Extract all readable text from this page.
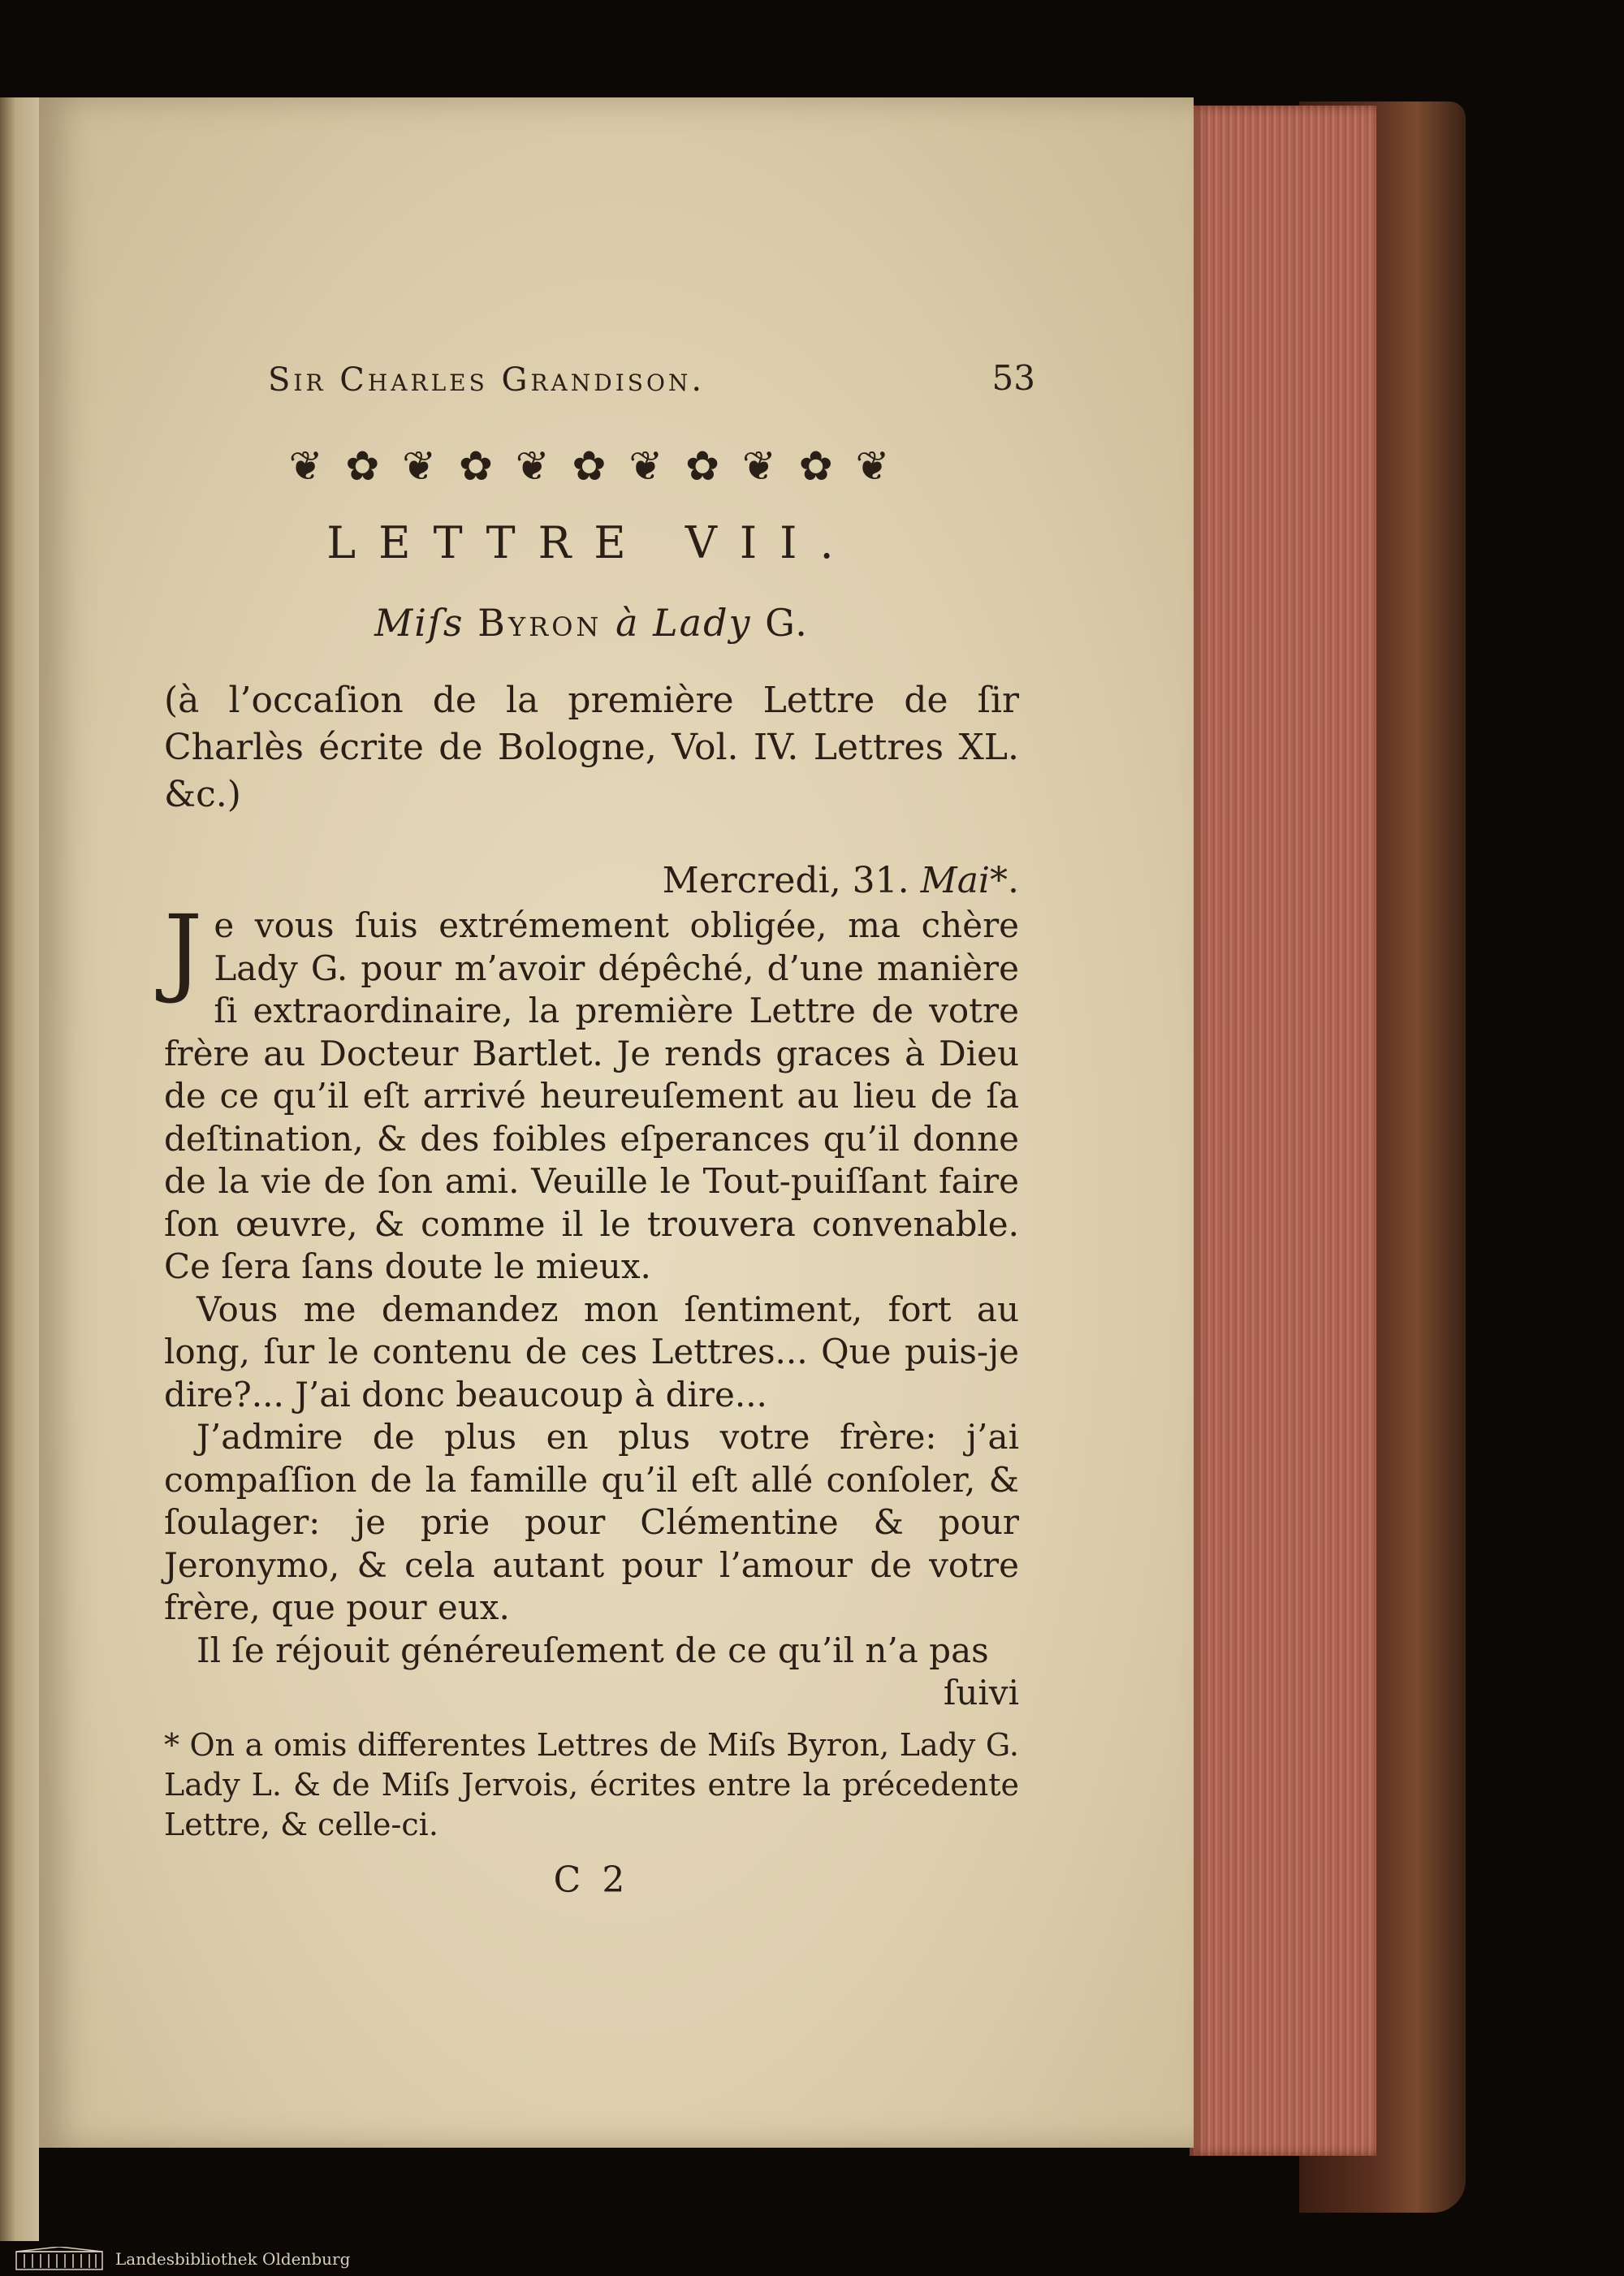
Sir Charles Grandison.	53
❦ ✿ ❦ ✿ ❦ ✿ ❦ ✿ ❦ ✿ ❦
LETTRE VII.
Miſs Byron à Lady G.
(à l’occaſion de la première Lettre de ſir Charlès écrite de Bologne, Vol. IV. Lettres XL. &c.)
Mercredi, 31. Mai*.

Je vous ſuis extrémement obligée, ma chère Lady G. pour m’avoir dépêché, d’une manière ſi extraordinaire, la première Lettre de votre frère au Docteur Bartlet. Je rends graces à Dieu de ce qu’il eſt arrivé heureuſement au lieu de ſa deſtination, & des foibles eſperances qu’il donne de la vie de ſon ami. Veuille le Tout-puiſſant faire ſon œuvre, & comme il le trouvera convenable. Ce ſera ſans doute le mieux.

Vous me demandez mon ſentiment, fort au long, ſur le contenu de ces Lettres... Que puis-je dire?... J’ai donc beaucoup à dire...

J’admire de plus en plus votre frère: j’ai compaſſion de la famille qu’il eſt allé conſoler, & ſoulager: je prie pour Clémentine & pour Jeronymo, & cela autant pour l’amour de votre frère, que pour eux.

Il ſe réjouit généreuſement de ce qu’il n’a pas

ſuivi
* On a omis differentes Lettres de Miſs Byron, Lady G. Lady L. & de Miſs Jervois, écrites entre la précedente Lettre, & celle-ci.
C 2
Landesbibliothek Oldenburg
